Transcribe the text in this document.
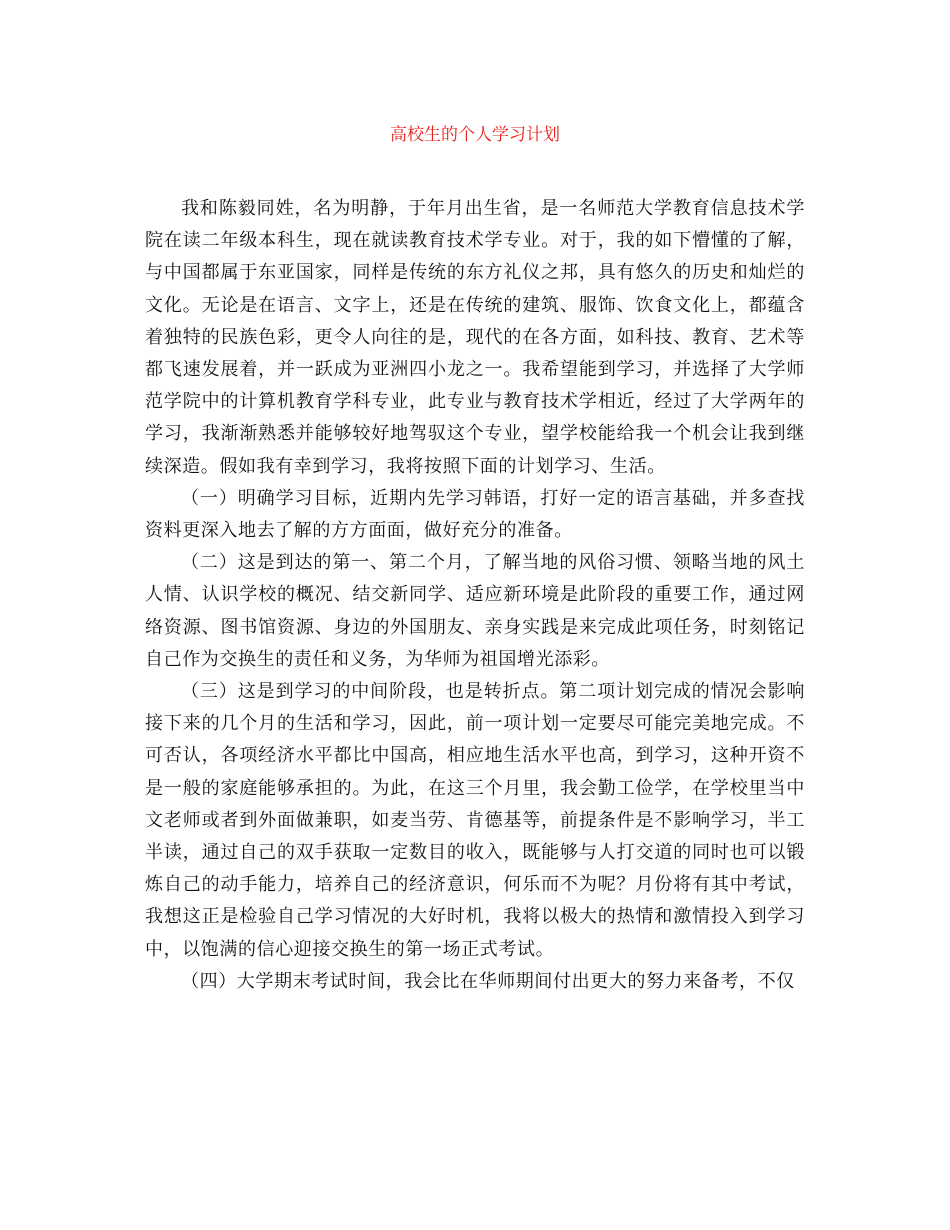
高校生的个人学习计划

我和陈毅同姓，名为明静，于年月出生省，是一名师范大学教育信息技术学院在读二年级本科生，现在就读教育技术学专业。对于，我的如下懵懂的了解，与中国都属于东亚国家，同样是传统的东方礼仪之邦，具有悠久的历史和灿烂的文化。无论是在语言、文字上，还是在传统的建筑、服饰、饮食文化上，都蕴含着独特的民族色彩，更令人向往的是，现代的在各方面，如科技、教育、艺术等都飞速发展着，并一跃成为亚洲四小龙之一。我希望能到学习，并选择了大学师范学院中的计算机教育学科专业，此专业与教育技术学相近，经过了大学两年的学习，我渐渐熟悉并能够较好地驾驭这个专业，望学校能给我一个机会让我到继续深造。假如我有幸到学习，我将按照下面的计划学习、生活。

（一）明确学习目标，近期内先学习韩语，打好一定的语言基础，并多查找资料更深入地去了解的方方面面，做好充分的准备。

（二）这是到达的第一、第二个月，了解当地的风俗习惯、领略当地的风土人情、认识学校的概况、结交新同学、适应新环境是此阶段的重要工作，通过网络资源、图书馆资源、身边的外国朋友、亲身实践是来完成此项任务，时刻铭记自己作为交换生的责任和义务，为华师为祖国增光添彩。

（三）这是到学习的中间阶段，也是转折点。第二项计划完成的情况会影响接下来的几个月的生活和学习，因此，前一项计划一定要尽可能完美地完成。不可否认，各项经济水平都比中国高，相应地生活水平也高，到学习，这种开资不是一般的家庭能够承担的。为此，在这三个月里，我会勤工俭学，在学校里当中文老师或者到外面做兼职，如麦当劳、肯德基等，前提条件是不影响学习，半工半读，通过自己的双手获取一定数目的收入，既能够与人打交道的同时也可以锻炼自己的动手能力，培养自己的经济意识，何乐而不为呢？月份将有其中考试，我想这正是检验自己学习情况的大好时机，我将以极大的热情和激情投入到学习中，以饱满的信心迎接交换生的第一场正式考试。

（四）大学期末考试时间，我会比在华师期间付出更大的努力来备考，不仅
